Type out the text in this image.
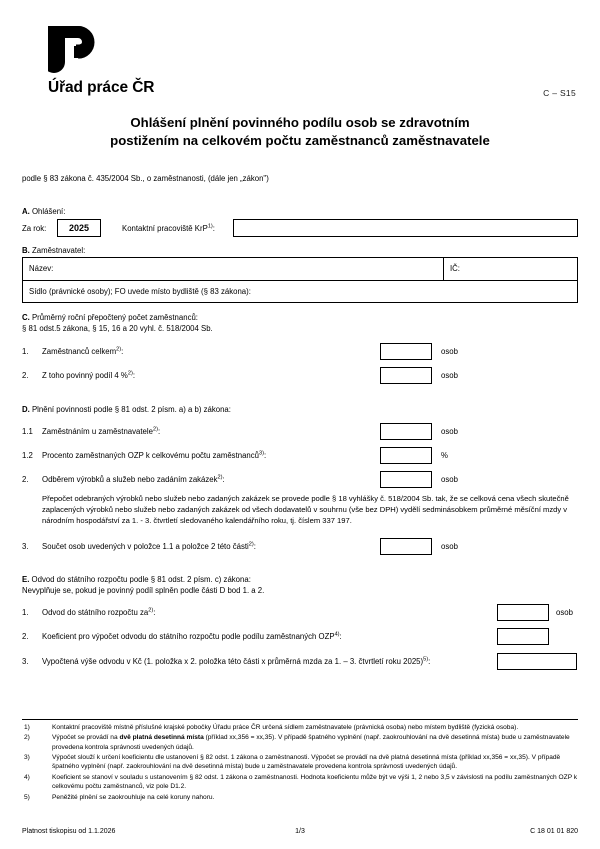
Úřad práce ČR	C – S15
Ohlášení plnění povinného podílu osob se zdravotním
postižením na celkovém počtu zaměstnanců zaměstnavatele
podle § 83 zákona č. 435/2004 Sb., o zaměstnanosti, (dále jen „zákon")
A. Ohlášení:
Za rok:	2025	Kontaktní pracoviště KrP$^{1)}$:
B. Zaměstnavatel:
Název:	IČ:
Sídlo (právnické osoby); FO uvede místo bydliště (§ 83 zákona):
C. Průměrný roční přepočtený počet zaměstnanců:
§ 81 odst.5 zákona, § 15, 16 a 20 vyhl. č. 518/2004 Sb.
1. Zaměstnanců celkem$^{2)}$:	osob
2. Z toho povinný podíl 4 %$^{2)}$:	osob
D. Plnění povinnosti podle § 81 odst. 2 písm. a) a b) zákona:
1.1 Zaměstnáním u zaměstnavatele$^{2)}$:	osob
1.2 Procento zaměstnaných OZP k celkovému počtu zaměstnanců$^{3)}$:	%
2. Odběrem výrobků a služeb nebo zadáním zakázek$^{2)}$:	osob
Přepočet odebraných výrobků nebo služeb nebo zadaných zakázek se provede podle § 18 vyhlášky č. 518/2004 Sb. tak, že se celková cena všech skutečně zaplacených výrobků nebo služeb nebo zadaných zakázek od všech dodavatelů v souhrnu (vše bez DPH) vydělí sedminásobkem průměrné měsíční mzdy v národním hospodářství za 1. - 3. čtvrtletí sledovaného kalendářního roku, tj. číslem 337 197.
3. Součet osob uvedených v položce 1.1 a položce 2 této části$^{2)}$:	osob
E. Odvod do státního rozpočtu podle § 81 odst. 2 písm. c) zákona:
Nevyplňuje se, pokud je povinný podíl splněn podle části D bod 1. a 2.
1. Odvod do státního rozpočtu $za^{2)}$:	osob
2. Koeficient pro výpočet odvodu do státního rozpočtu podle podílu zaměstnaných OZP$^{4)}$:
3. Vypočtená výše odvodu v Kč (1. položka x 2. položka této části x průměrná mzda za 1. – 3. čtvrtletí roku 2025)$^{5)}$:
1)	Kontaktní pracoviště místně příslušné krajské pobočky Úřadu práce ČR určená sídlem zaměstnavatele (právnická osoba) nebo místem bydliště (fyzická osoba).
2)	Výpočet se provádí na dvě platná desetinná místa (příklad xx,356 = xx,35). V případě špatného vyplnění (např. zaokrouhlování na dvě desetinná místa) bude u zaměstnavatele provedena kontrola správnosti uvedených údajů.
3)	Výpočet slouží k určení koeficientu dle ustanovení § 82 odst. 1 zákona o zaměstnanosti. Výpočet se provádí na dvě platná desetinná místa (příklad xx,356 = xx,35). V případě špatného vyplnění (např. zaokrouhlování na dvě desetinná místa) bude u zaměstnavatele provedena kontrola správnosti uvedených údajů.
4)	Koeficient se stanoví v souladu s ustanovením § 82 odst. 1 zákona o zaměstnanosti. Hodnota koeficientu může být ve výši 1, 2 nebo 3,5 v závislosti na podílu zaměstnaných OZP k celkovému počtu zaměstnanců, viz pole D1.2.
5)	Peněžité plnění se zaokrouhluje na celé koruny nahoru.
Platnost tiskopisu od 1.1.2026	1/3	C 18 01 01 820
